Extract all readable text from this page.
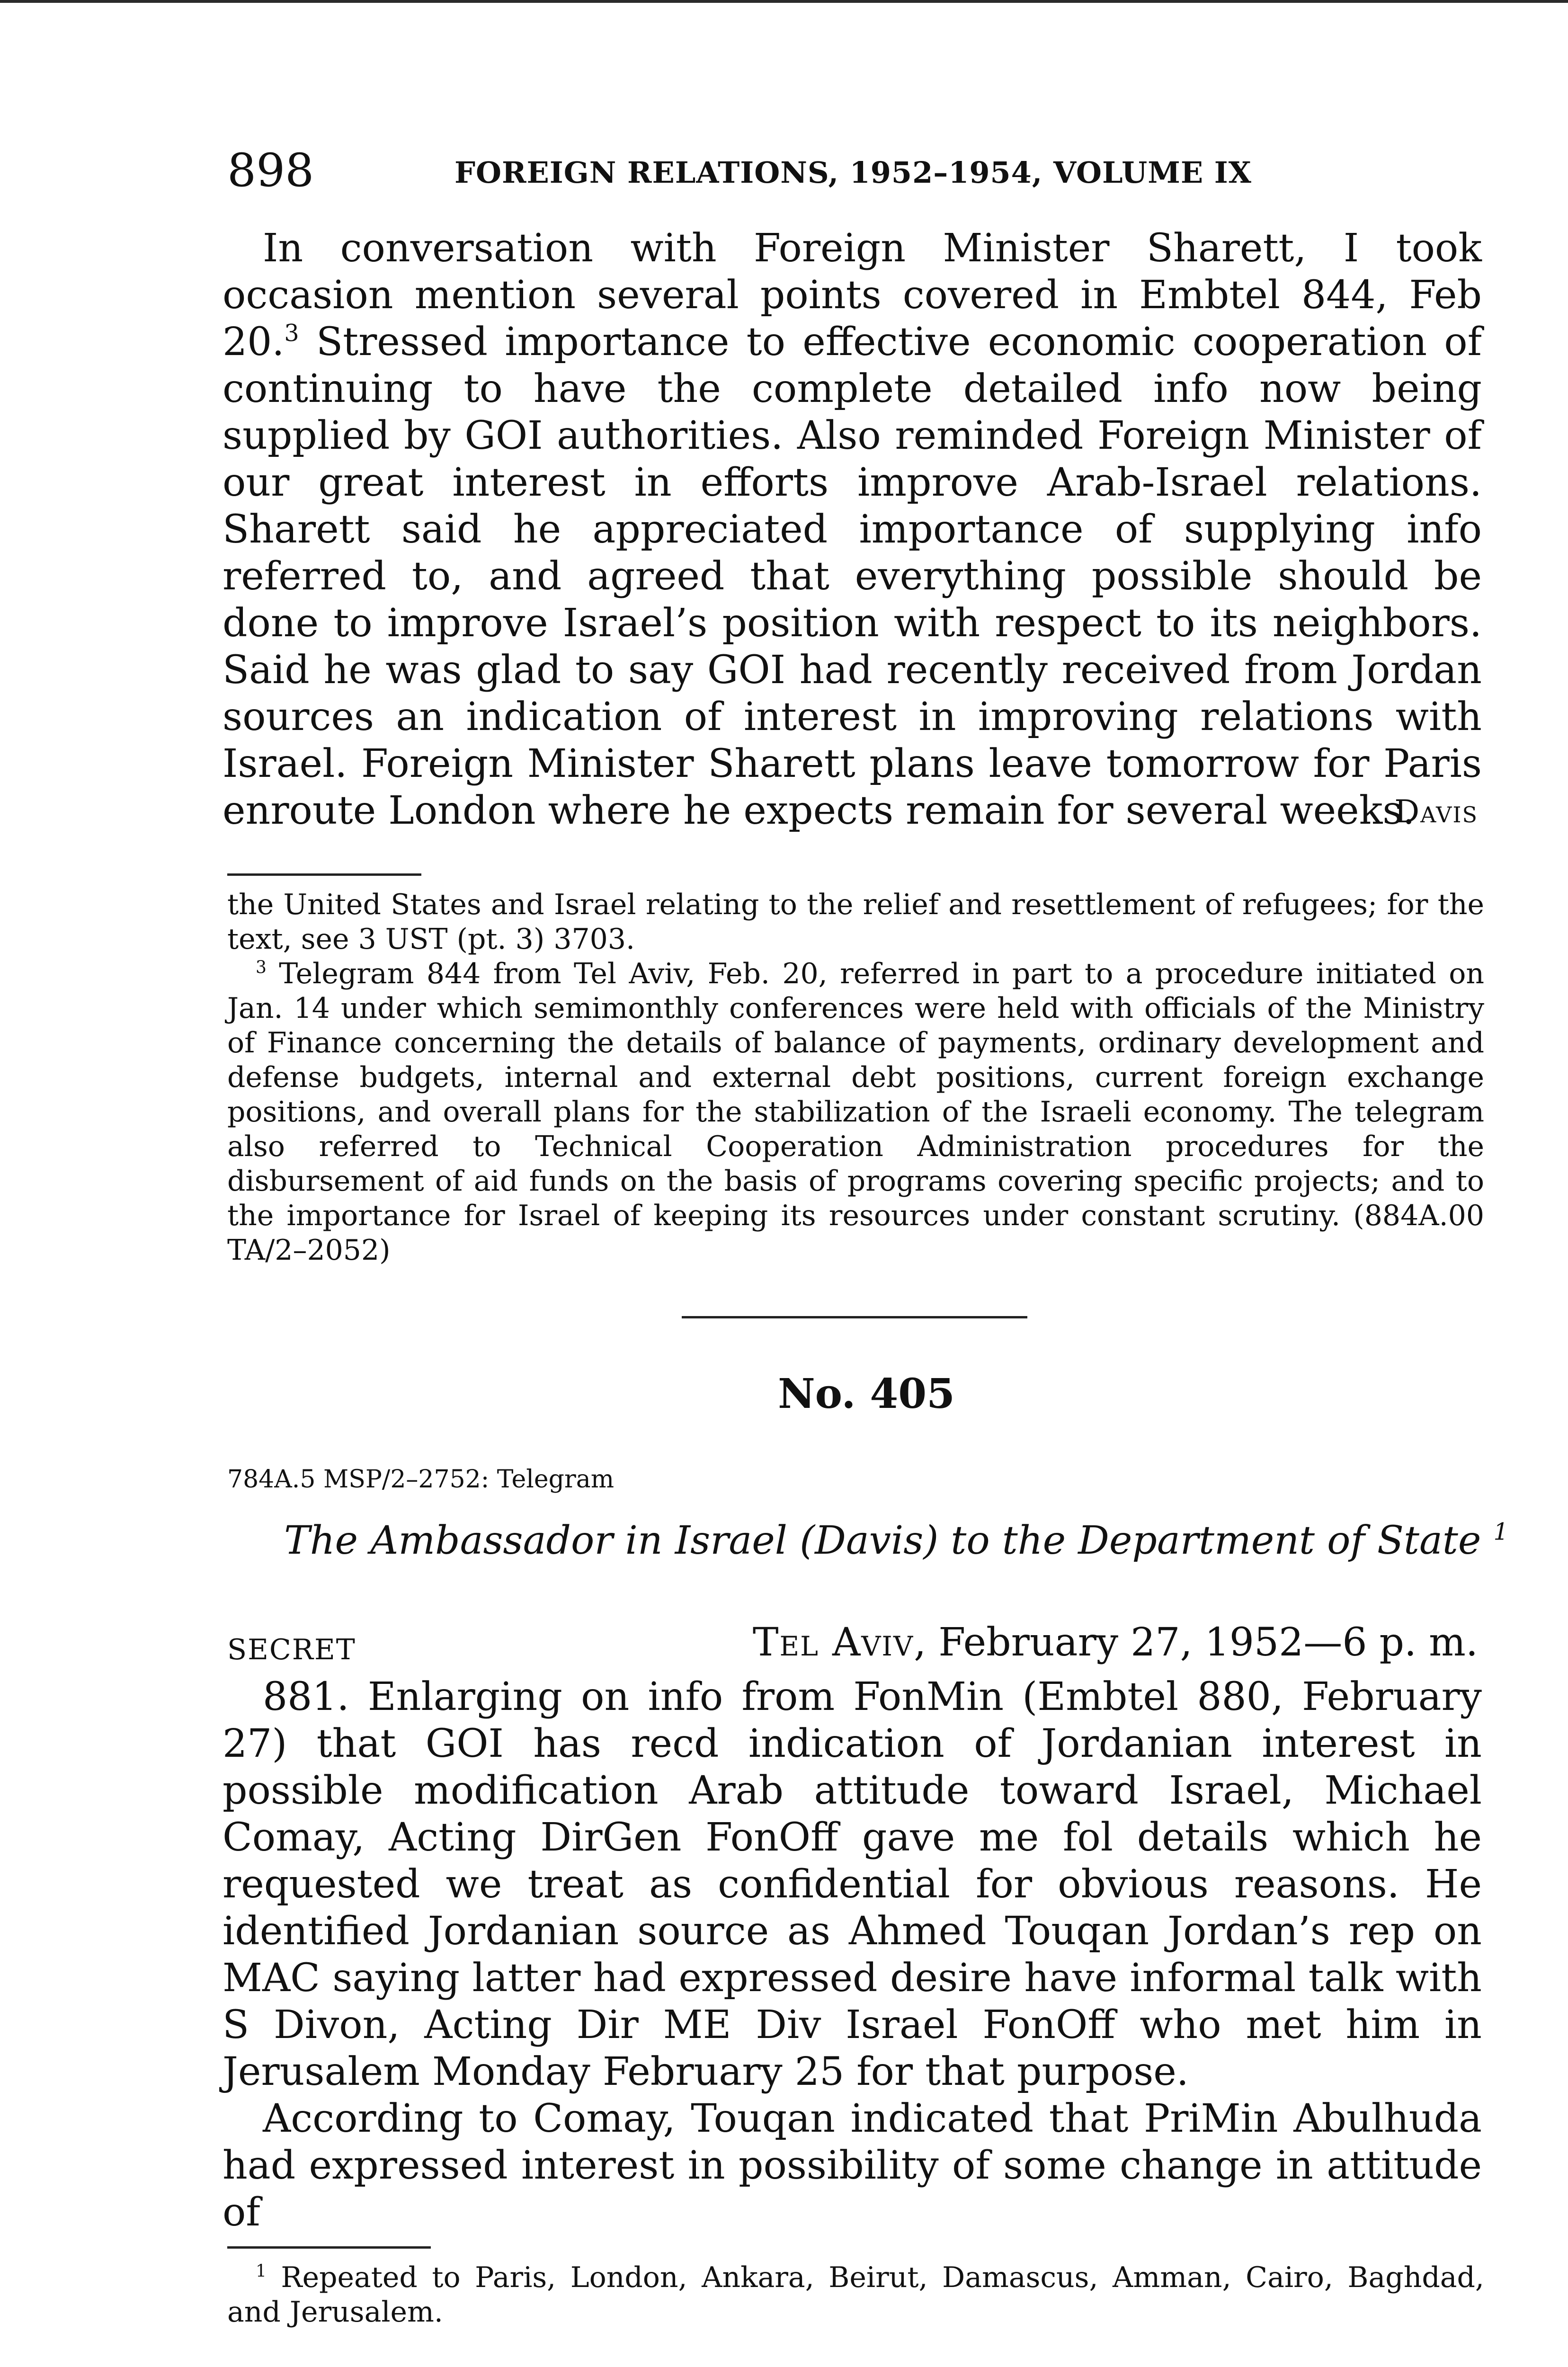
898	FOREIGN RELATIONS, 1952–1954, VOLUME IX

In conversation with Foreign Minister Sharett, I took occasion mention several points covered in Embtel 844, Feb 20.$^3$ Stressed importance to effective economic cooperation of continuing to have the complete detailed info now being supplied by GOI authorities. Also reminded Foreign Minister of our great interest in efforts improve Arab-Israel relations. Sharett said he appreciated importance of supplying info referred to, and agreed that everything possible should be done to improve Israel’s position with respect to its neighbors. Said he was glad to say GOI had recently received from Jordan sources an indication of interest in improving relations with Israel. Foreign Minister Sharett plans leave tomorrow for Paris enroute London where he expects remain for several weeks.

Davis

the United States and Israel relating to the relief and resettlement of refugees; for the text, see 3 UST (pt. 3) 3703.

$^3$ Telegram 844 from Tel Aviv, Feb. 20, referred in part to a procedure initiated on Jan. 14 under which semimonthly conferences were held with officials of the Ministry of Finance concerning the details of balance of payments, ordinary development and defense budgets, internal and external debt positions, current foreign exchange positions, and overall plans for the stabilization of the Israeli economy. The telegram also referred to Technical Cooperation Administration procedures for the disbursement of aid funds on the basis of programs covering specific projects; and to the importance for Israel of keeping its resources under constant scrutiny. (884A.00 TA/2–2052)

No. 405
784A.5 MSP/2–2752: Telegram
The Ambassador in Israel (Davis) to the Department of State $^1$
SECRET	Tel Aviv, February 27, 1952—6 p. m.

881. Enlarging on info from FonMin (Embtel 880, February 27) that GOI has recd indication of Jordanian interest in possible modification Arab attitude toward Israel, Michael Comay, Acting DirGen FonOff gave me fol details which he requested we treat as confidential for obvious reasons. He identified Jordanian source as Ahmed Touqan Jordan’s rep on MAC saying latter had expressed desire have informal talk with S Divon, Acting Dir ME Div Israel FonOff who met him in Jerusalem Monday February 25 for that purpose.

According to Comay, Touqan indicated that PriMin Abulhuda had expressed interest in possibility of some change in attitude of

$^1$ Repeated to Paris, London, Ankara, Beirut, Damascus, Amman, Cairo, Baghdad, and Jerusalem.
